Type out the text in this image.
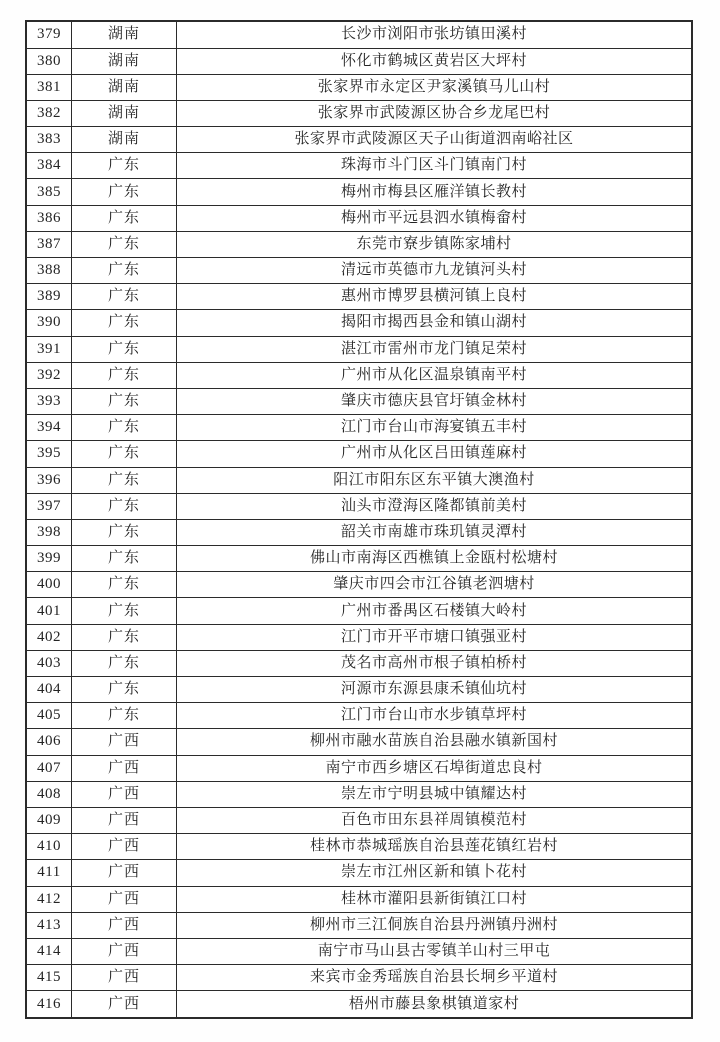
379	湖南	长沙市浏阳市张坊镇田溪村
380	湖南	怀化市鹤城区黄岩区大坪村
381	湖南	张家界市永定区尹家溪镇马儿山村
382	湖南	张家界市武陵源区协合乡龙尾巴村
383	湖南	张家界市武陵源区天子山街道泗南峪社区
384	广东	珠海市斗门区斗门镇南门村
385	广东	梅州市梅县区雁洋镇长教村
386	广东	梅州市平远县泗水镇梅畲村
387	广东	东莞市寮步镇陈家埔村
388	广东	清远市英德市九龙镇河头村
389	广东	惠州市博罗县横河镇上良村
390	广东	揭阳市揭西县金和镇山湖村
391	广东	湛江市雷州市龙门镇足荣村
392	广东	广州市从化区温泉镇南平村
393	广东	肇庆市德庆县官圩镇金林村
394	广东	江门市台山市海宴镇五丰村
395	广东	广州市从化区吕田镇莲麻村
396	广东	阳江市阳东区东平镇大澳渔村
397	广东	汕头市澄海区隆都镇前美村
398	广东	韶关市南雄市珠玑镇灵潭村
399	广东	佛山市南海区西樵镇上金瓯村松塘村
400	广东	肇庆市四会市江谷镇老泗塘村
401	广东	广州市番禺区石楼镇大岭村
402	广东	江门市开平市塘口镇强亚村
403	广东	茂名市高州市根子镇柏桥村
404	广东	河源市东源县康禾镇仙坑村
405	广东	江门市台山市水步镇草坪村
406	广西	柳州市融水苗族自治县融水镇新国村
407	广西	南宁市西乡塘区石埠街道忠良村
408	广西	崇左市宁明县城中镇耀达村
409	广西	百色市田东县祥周镇模范村
410	广西	桂林市恭城瑶族自治县莲花镇红岩村
411	广西	崇左市江州区新和镇卜花村
412	广西	桂林市灌阳县新街镇江口村
413	广西	柳州市三江侗族自治县丹洲镇丹洲村
414	广西	南宁市马山县古零镇羊山村三甲屯
415	广西	来宾市金秀瑶族自治县长垌乡平道村
416	广西	梧州市藤县象棋镇道家村
